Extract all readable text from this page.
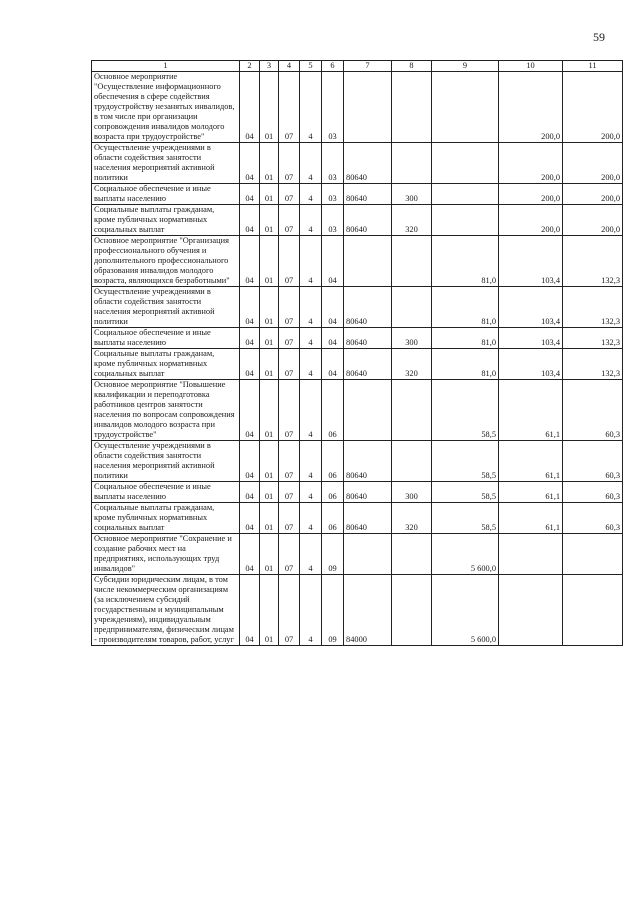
59
1	2	3	4	5	6	7	8	9	10	11
Основное мероприятие "Осуществление информационного обеспечения в сфере содействия трудоустройству незанятых инвалидов, в том числе при организации сопровождения инвалидов молодого возраста при трудоустройстве"	04	01	07	4	03				200,0	200,0
Осуществление учреждениями в области содействия занятости населения мероприятий активной политики	04	01	07	4	03	80640			200,0	200,0
Социальное обеспечение и иные выплаты населению	04	01	07	4	03	80640	300		200,0	200,0
Социальные выплаты гражданам, кроме публичных нормативных социальных выплат	04	01	07	4	03	80640	320		200,0	200,0
Основное мероприятие "Организация профессионального обучения и дополнительного профессионального образования инвалидов молодого возраста, являющихся безработными"	04	01	07	4	04			81,0	103,4	132,3
Осуществление учреждениями в области содействия занятости населения мероприятий активной политики	04	01	07	4	04	80640		81,0	103,4	132,3
Социальное обеспечение и иные выплаты населению	04	01	07	4	04	80640	300	81,0	103,4	132,3
Социальные выплаты гражданам, кроме публичных нормативных социальных выплат	04	01	07	4	04	80640	320	81,0	103,4	132,3
Основное мероприятие "Повышение квалификации и переподготовка работников центров занятости населения по вопросам сопровождения инвалидов молодого возраста при трудоустройстве"	04	01	07	4	06			58,5	61,1	60,3
Осуществление учреждениями в области содействия занятости населения мероприятий активной политики	04	01	07	4	06	80640		58,5	61,1	60,3
Социальное обеспечение и иные выплаты населению	04	01	07	4	06	80640	300	58,5	61,1	60,3
Социальные выплаты гражданам, кроме публичных нормативных социальных выплат	04	01	07	4	06	80640	320	58,5	61,1	60,3
Основное мероприятие "Сохранение и создание рабочих мест на предприятиях, использующих труд инвалидов"	04	01	07	4	09			5 600,0		
Субсидии юридическим лицам, в том числе некоммерческим организациям (за исключением субсидий государственным и муниципальным учреждениям), индивидуальным предпринимателям, физическим лицам - производителям товаров, работ, услуг	04	01	07	4	09	84000		5 600,0		
